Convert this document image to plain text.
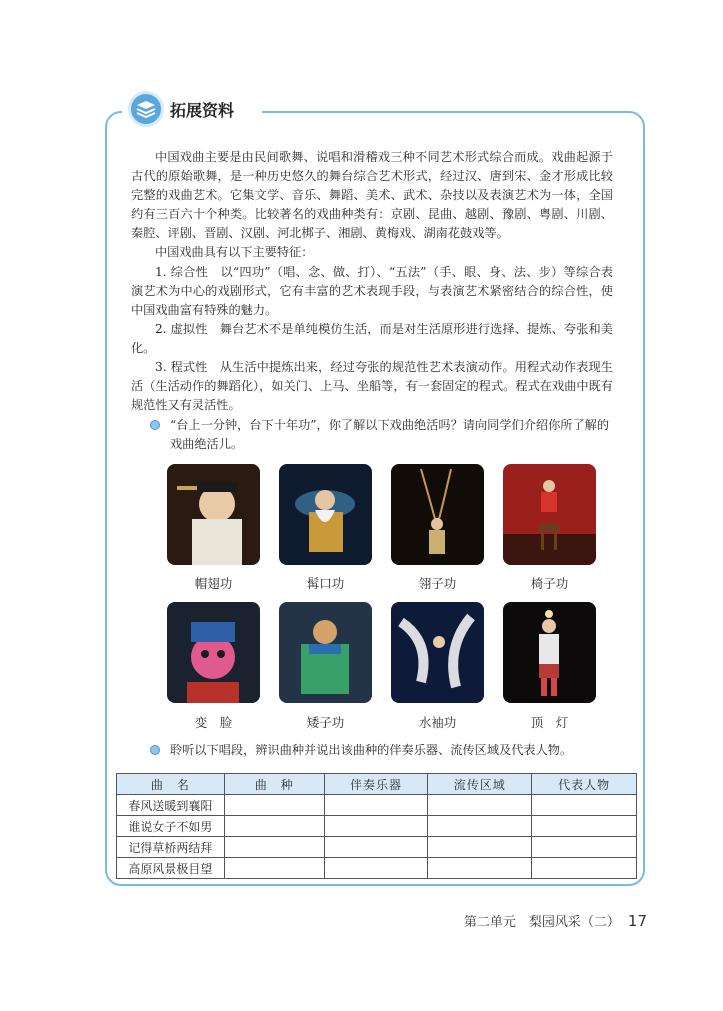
拓展资料

中国戏曲主要是由民间歌舞、说唱和滑稽戏三种不同艺术形式综合而成。戏曲起源于古代的原始歌舞，是一种历史悠久的舞台综合艺术形式，经过汉、唐到宋、金才形成比较完整的戏曲艺术。它集文学、音乐、舞蹈、美术、武术、杂技以及表演艺术为一体，全国约有三百六十个种类。比较著名的戏曲种类有：京剧、昆曲、越剧、豫剧、粤剧、川剧、秦腔、评剧、晋剧、汉剧、河北梆子、湘剧、黄梅戏、湖南花鼓戏等。

中国戏曲具有以下主要特征：

1. 综合性　以“四功”（唱、念、做、打）、“五法”（手、眼、身、法、步）等综合表演艺术为中心的戏剧形式，它有丰富的艺术表现手段，与表演艺术紧密结合的综合性，使中国戏曲富有特殊的魅力。

2. 虚拟性　舞台艺术不是单纯模仿生活，而是对生活原形进行选择、提炼、夸张和美化。

3. 程式性　从生活中提炼出来，经过夸张的规范性艺术表演动作。用程式动作表现生活（生活动作的舞蹈化），如关门、上马、坐船等，有一套固定的程式。程式在戏曲中既有规范性又有灵活性。

“台上一分钟，台下十年功”，你了解以下戏曲绝活吗？请向同学们介绍你所了解的戏曲绝活儿。
帽翅功	髯口功	翎子功	椅子功
变　脸	矮子功	水袖功	顶　灯
聆听以下唱段，辨识曲种并说出该曲种的伴奏乐器、流传区域及代表人物。
曲　名	曲　种	伴奏乐器	流传区域	代表人物
春风送暖到襄阳				
谁说女子不如男				
记得草桥两结拜				
高原风景极目望				
第二单元　梨园风采（二） 17
